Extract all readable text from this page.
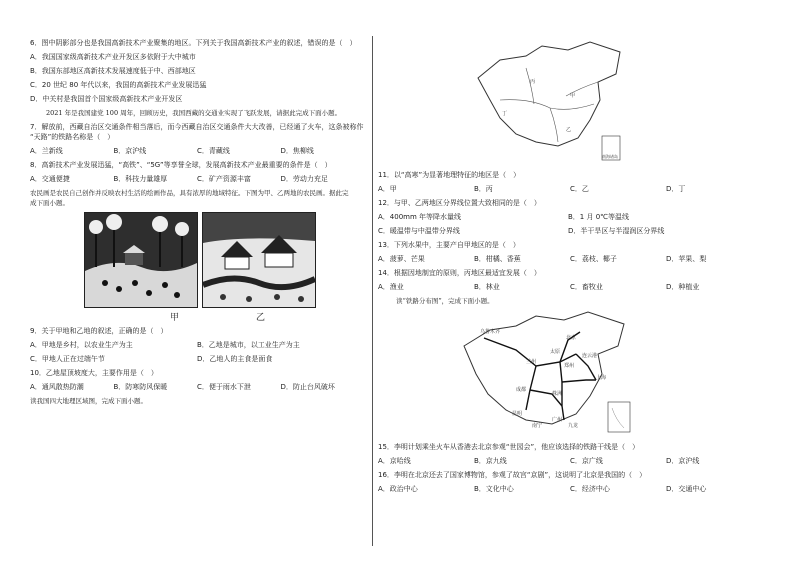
6．图中阴影部分也是我国高新技术产业聚集的地区。下列关于我国高新技术产业的叙述，错误的是（　）
A．我国国家级高新技术产业开发区多依附于大中城市
B．我国东部地区高新技术发展速度低于中、西部地区
C．20 世纪 80 年代以来，我国的高新技术产业发展迅猛
D．中关村是我国首个国家级高新技术产业开发区
2021 年是我国建党 100 周年，回顾历史，我国西藏的交通业实现了飞跃发展，请据此完成下面小题。
7．解放前，西藏自治区交通条件相当落后，而今西藏自治区交通条件大大改善，已经通了火车，这条被称作
“天路”的铁路名称是（　）
A．兰新线	B．京沪线	C．青藏线	D．焦柳线
8．高新技术产业发展迅猛，“高铁”、“5G”等享誉全球，发展高新技术产业最重要的条件是（　）
A．交通便捷	B．科技力量雄厚	C．矿产资源丰富	D．劳动力充足
农民画是农民自己创作并反映农村生活的绘画作品，具有浓厚的地域特征。下图为甲、乙两地的农民画。据此完成下面小题。
甲	乙
9．关于甲地和乙地的叙述，正确的是（　）
A．甲地是乡村，以农业生产为主	B．乙地是城市，以工业生产为主
C．甲地人正在过端午节	D．乙地人的主食是面食
10．乙地屋顶坡度大，主要作用是（　）
A．通风散热防潮	B．防寒防风保暖	C．便于雨水下泄	D．防止台风破坏
读我国四大地理区域图，完成下面小题。
丙
甲
丁
乙
南海诸岛
11．以“高寒”为显著地理特征的地区是（　）
A．甲	B．丙	C．乙	D．丁
12．与甲、乙两地区分界线位置大致相同的是（　）
A．400mm 年等降水量线	B．1 月 0℃等温线
C．暖温带与中温带分界线	D．半干旱区与半湿润区分界线
13．下列水果中，主要产自甲地区的是（　）
A．菠萝、芒果	B．柑橘、香蕉	C．荔枝、椰子	D．苹果、梨
14．根据因地制宜的原则，丙地区最适宜发展（　）
A．渔业	B．林业	C．畜牧业	D．种植业
读“铁路分布图”，完成下面小题。
乌鲁木齐
兰州
北京
郑州
连云港
上海
成都
株洲
昆明
广州
九龙
南宁
太原
15．李明计划乘坐火车从香港去北京参观“世园会”，他应该选择的铁路干线是（　）
A．京哈线	B．京九线	C．京广线	D．京沪线
16．李明在北京还去了国家博物馆，参观了故宫“京剧”，这说明了北京是我国的（　）
A．政治中心	B．文化中心	C．经济中心	D．交通中心
